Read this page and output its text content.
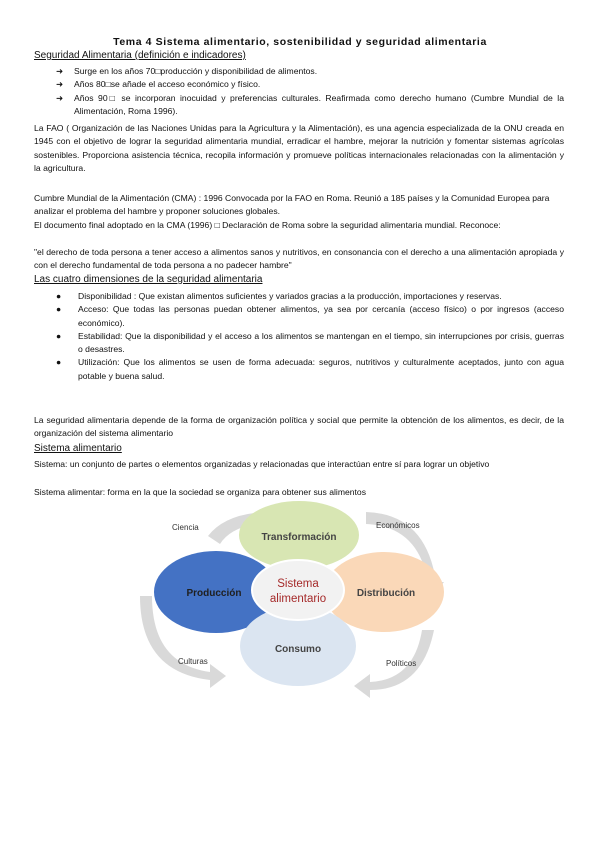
Tema 4 Sistema alimentario, sostenibilidad y seguridad alimentaria
Seguridad Alimentaria (definición e indicadores)
➜ Surge en los años 70□producción y disponibilidad de alimentos.
➜ Años 80□se añade el acceso económico y físico.
➜ Años 90□ se incorporan inocuidad y preferencias culturales. Reafirmada como derecho humano (Cumbre Mundial de la Alimentación, Roma 1996).
La FAO ( Organización de las Naciones Unidas para la Agricultura y la Alimentación), es una agencia especializada de la ONU creada en 1945 con el objetivo de lograr la seguridad alimentaria mundial, erradicar el hambre, mejorar la nutrición y fomentar sistemas agrícolas sostenibles. Proporciona asistencia técnica, recopila información y promueve políticas internacionales relacionadas con la alimentación y la agricultura.
Cumbre Mundial de la Alimentación (CMA) : 1996 Convocada por la FAO en Roma. Reunió a 185 países y la Comunidad Europea para analizar el problema del hambre y proponer soluciones globales.
El documento final adoptado en la CMA (1996) □ Declaración de Roma sobre la seguridad alimentaria mundial. Reconoce:
"el derecho de toda persona a tener acceso a alimentos sanos y nutritivos, en consonancia con el derecho a una alimentación apropiada y con el derecho fundamental de toda persona a no padecer hambre"
Las cuatro dimensiones de la seguridad alimentaria
● Disponibilidad : Que existan alimentos suficientes y variados gracias a la producción, importaciones y reservas.
● Acceso: Que todas las personas puedan obtener alimentos, ya sea por cercanía (acceso físico) o por ingresos (acceso económico).
● Estabilidad: Que la disponibilidad y el acceso a los alimentos se mantengan en el tiempo, sin interrupciones por crisis, guerras o desastres.
● Utilización: Que los alimentos se usen de forma adecuada: seguros, nutritivos y culturalmente aceptados, junto con agua potable y buena salud.
La seguridad alimentaria depende de la forma de organización política y social que permite la obtención de los alimentos, es decir, de la organización del sistema alimentario
Sistema alimentario
Sistema: un conjunto de partes o elementos organizadas y relacionadas que interactúan entre sí para lograr un objetivo
Sistema alimentar: forma en la que la sociedad se organiza para obtener sus alimentos
Ciencia	Económicos
Culturas	Políticos
Transformación
Producción	Distribución
Consumo
Sistema
alimentario
